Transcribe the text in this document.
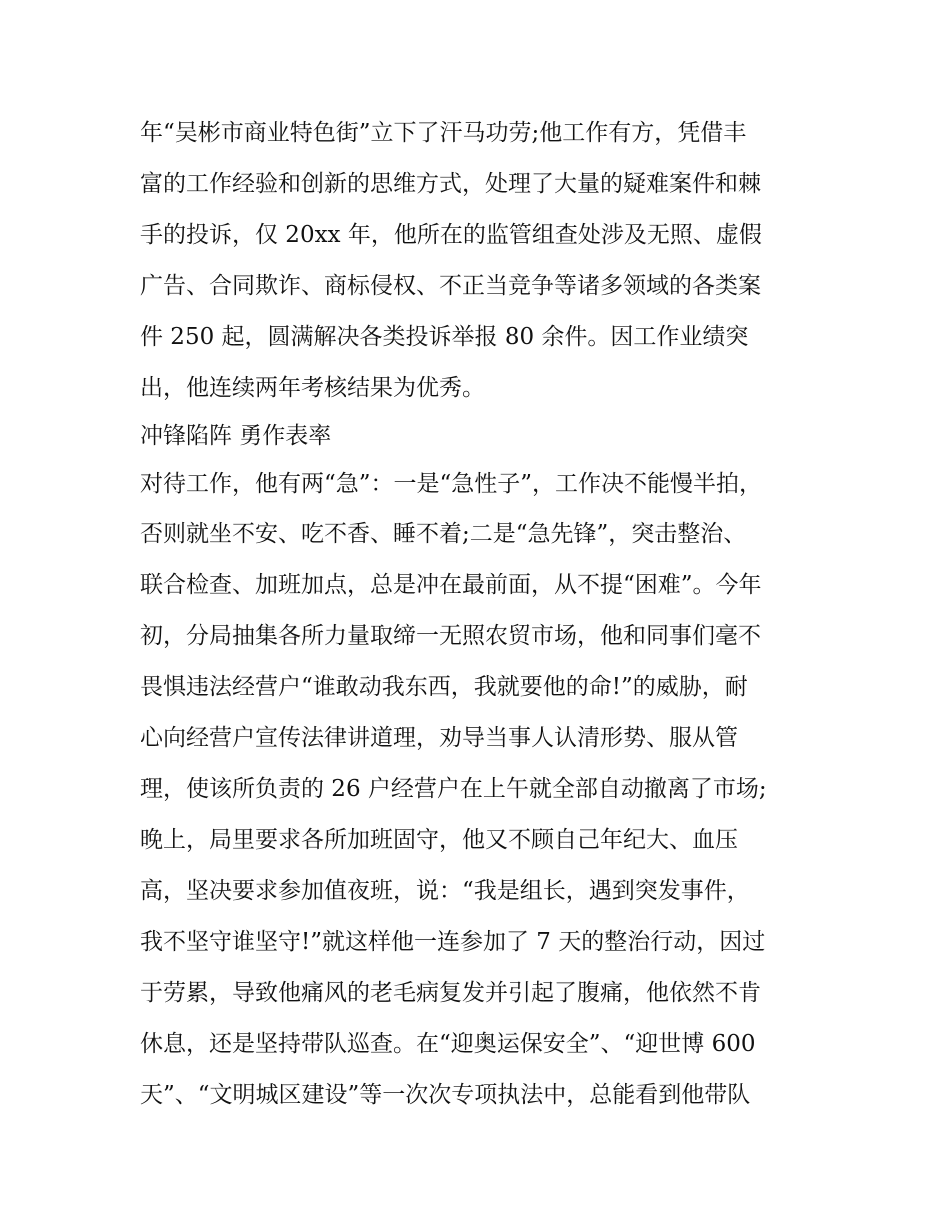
年“吴彬市商业特色街”立下了汗马功劳;他工作有方，凭借丰
富的工作经验和创新的思维方式，处理了大量的疑难案件和棘
手的投诉，仅 20xx 年，他所在的监管组查处涉及无照、虚假
广告、合同欺诈、商标侵权、不正当竞争等诸多领域的各类案
件 250 起，圆满解决各类投诉举报 80 余件。因工作业绩突
出，他连续两年考核结果为优秀。
冲锋陷阵 勇作表率
对待工作，他有两“急”：一是“急性子”，工作决不能慢半拍，
否则就坐不安、吃不香、睡不着;二是“急先锋”，突击整治、
联合检查、加班加点，总是冲在最前面，从不提“困难”。今年
初，分局抽集各所力量取缔一无照农贸市场，他和同事们毫不
畏惧违法经营户“谁敢动我东西，我就要他的命!”的威胁，耐
心向经营户宣传法律讲道理，劝导当事人认清形势、服从管
理，使该所负责的 26 户经营户在上午就全部自动撤离了市场;
晚上，局里要求各所加班固守，他又不顾自己年纪大、血压
高，坚决要求参加值夜班，说：“我是组长，遇到突发事件，
我不坚守谁坚守!”就这样他一连参加了 7 天的整治行动，因过
于劳累，导致他痛风的老毛病复发并引起了腹痛，他依然不肯
休息，还是坚持带队巡查。在“迎奥运保安全”、“迎世博 600
天”、“文明城区建设”等一次次专项执法中，总能看到他带队
